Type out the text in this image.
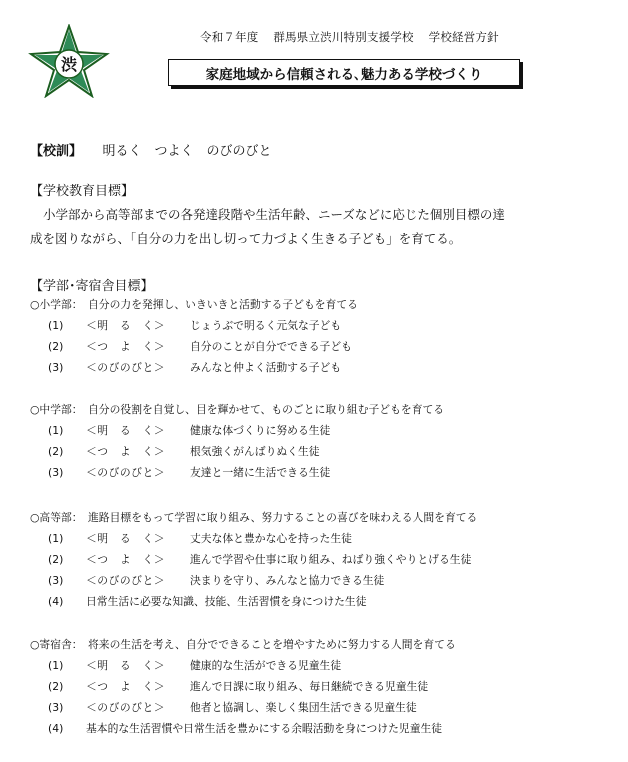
渋
令和７年度 群馬県立渋川特別支援学校 学校経営方針
家庭地域から信頼される､魅力ある学校づくり
【校訓】 明るく　つよく　のびのびと
【学校教育目標】

小学部から高等部までの各発達段階や生活年齢、ニーズなどに応じた個別目標の達

成を図りながら、「自分の力を出し切って力づよく生きる子ども」を育てる。

【学部･寄宿舎目標】
○小学部：　自分の力を発揮し、いきいきと活動する子どもを育てる
(1)	＜明　る　く＞	じょうぶで明るく元気な子ども
(2)	＜つ　よ　く＞	自分のことが自分でできる子ども
(3)	＜のびのびと＞	みんなと仲よく活動する子ども
○中学部：　自分の役割を自覚し、目を輝かせて、ものごとに取り組む子どもを育てる
(1)	＜明　る　く＞	健康な体づくりに努める生徒
(2)	＜つ　よ　く＞	根気強くがんばりぬく生徒
(3)	＜のびのびと＞	友達と一緒に生活できる生徒
○高等部：　進路目標をもって学習に取り組み、努力することの喜びを味わえる人間を育てる
(1)	＜明　る　く＞	丈夫な体と豊かな心を持った生徒
(2)	＜つ　よ　く＞	進んで学習や仕事に取り組み、ねばり強くやりとげる生徒
(3)	＜のびのびと＞	決まりを守り、みんなと協力できる生徒
(4)	日常生活に必要な知識、技能、生活習慣を身につけた生徒
○寄宿舎：　将来の生活を考え、自分でできることを増やすために努力する人間を育てる
(1)	＜明　る　く＞	健康的な生活ができる児童生徒
(2)	＜つ　よ　く＞	進んで日課に取り組み、毎日継続できる児童生徒
(3)	＜のびのびと＞	他者と協調し、楽しく集団生活できる児童生徒
(4)	基本的な生活習慣や日常生活を豊かにする余暇活動を身につけた児童生徒
